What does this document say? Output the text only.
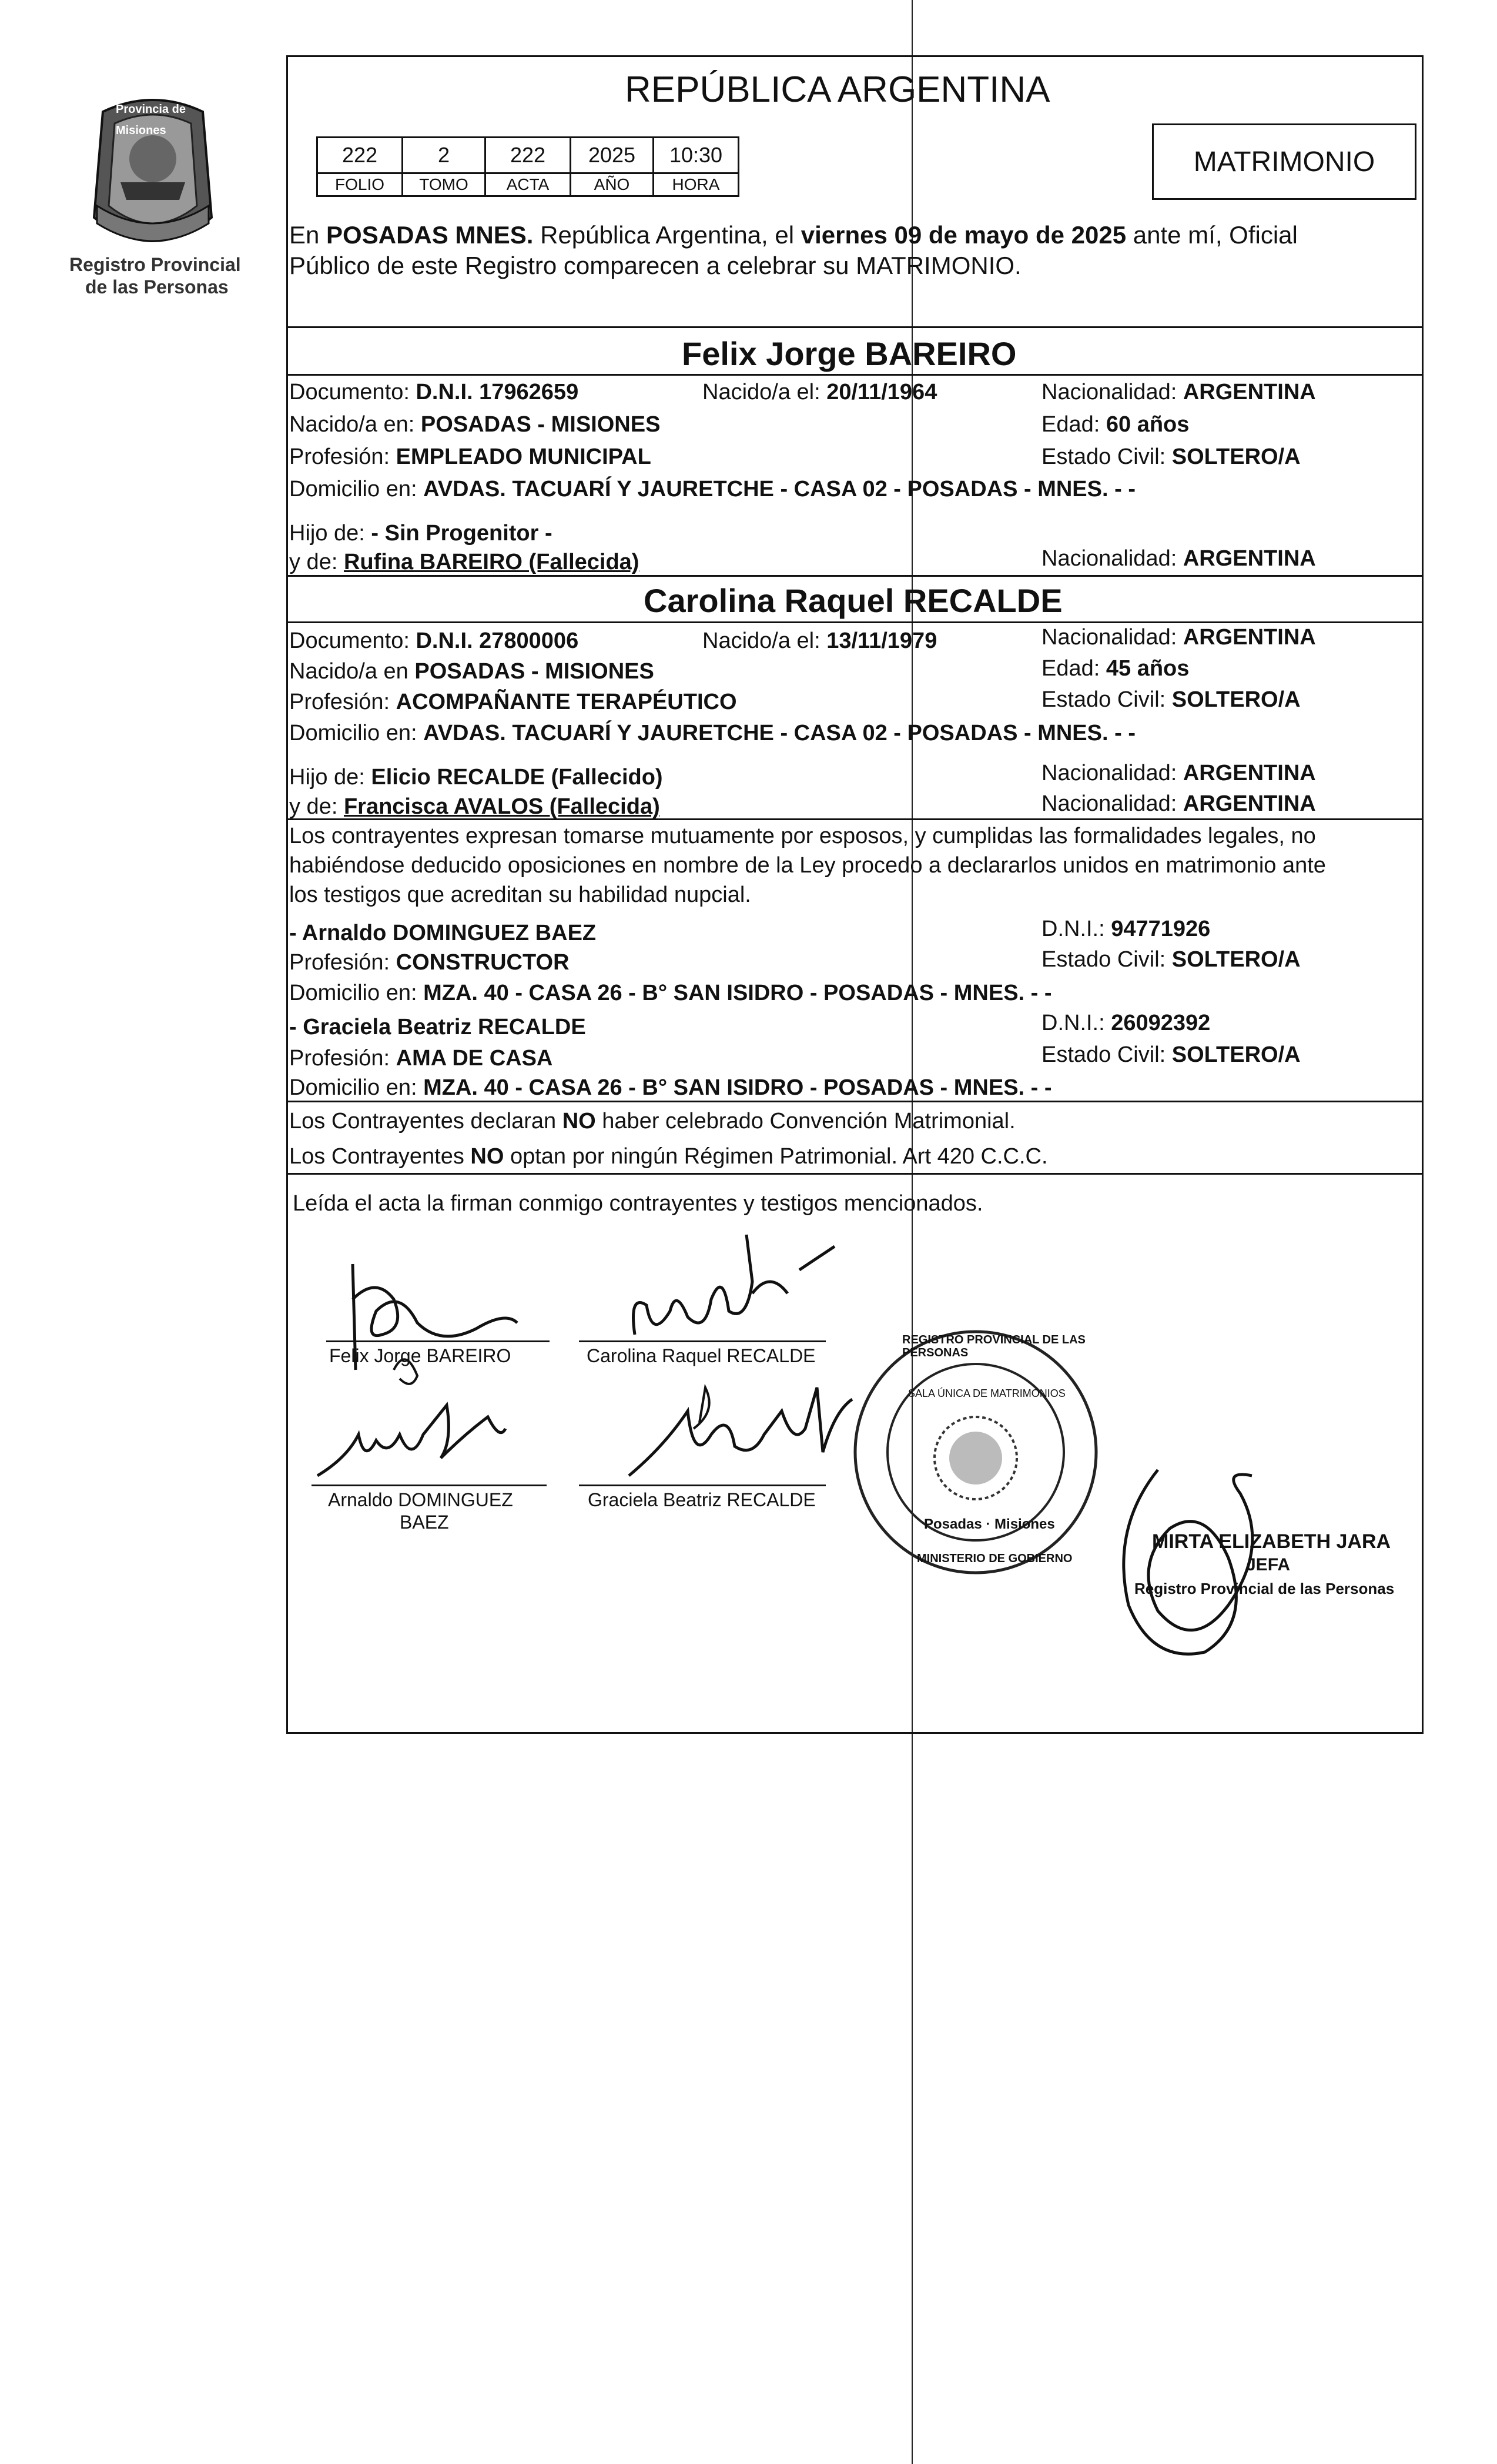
Provincia de Misiones
Registro Provincial
de las Personas
REPÚBLICA ARGENTINA
222	2	222	2025	10:30
FOLIO	TOMO	ACTA	AÑO	HORA
MATRIMONIO
En POSADAS MNES. República Argentina, el viernes 09 de mayo de 2025 ante mí, Oficial
Público de este Registro comparecen a celebrar su MATRIMONIO.
Felix Jorge BAREIRO
Documento: D.N.I. 17962659	Nacido/a el: 20/11/1964	Nacionalidad: ARGENTINA
Nacido/a en: POSADAS - MISIONES	Edad: 60 años
Profesión: EMPLEADO MUNICIPAL	Estado Civil: SOLTERO/A
Domicilio en: AVDAS. TACUARÍ Y JAURETCHE - CASA 02 - POSADAS - MNES. - -
Hijo de: - Sin Progenitor -
y de: Rufina BAREIRO (Fallecida)	Nacionalidad: ARGENTINA
Carolina Raquel RECALDE
Documento: D.N.I. 27800006	Nacido/a el: 13/11/1979	Nacionalidad: ARGENTINA
Nacido/a en POSADAS - MISIONES	Edad: 45 años
Profesión: ACOMPAÑANTE TERAPÉUTICO	Estado Civil: SOLTERO/A
Domicilio en: AVDAS. TACUARÍ Y JAURETCHE - CASA 02 - POSADAS - MNES. - -
Hijo de: Elicio RECALDE (Fallecido)	Nacionalidad: ARGENTINA
y de: Francisca AVALOS (Fallecida)	Nacionalidad: ARGENTINA
Los contrayentes expresan tomarse mutuamente por esposos, y cumplidas las formalidades legales, no
habiéndose deducido oposiciones en nombre de la Ley procedo a declararlos unidos en matrimonio ante
los testigos que acreditan su habilidad nupcial.
- Arnaldo DOMINGUEZ BAEZ	D.N.I.: 94771926
Profesión: CONSTRUCTOR	Estado Civil: SOLTERO/A
Domicilio en: MZA. 40 - CASA 26 - B° SAN ISIDRO - POSADAS - MNES. - -
- Graciela Beatriz RECALDE	D.N.I.: 26092392
Profesión: AMA DE CASA	Estado Civil: SOLTERO/A
Domicilio en: MZA. 40 - CASA 26 - B° SAN ISIDRO - POSADAS - MNES. - -
Los Contrayentes declaran NO haber celebrado Convención Matrimonial.
Los Contrayentes NO optan por ningún Régimen Patrimonial. Art 420 C.C.C.
Leída el acta la firman conmigo contrayentes y testigos mencionados.
Felix Jorge BAREIRO	Carolina Raquel RECALDE
Arnaldo DOMINGUEZ
BAEZ
Graciela Beatriz RECALDE
REGISTRO PROVINCIAL DE LAS PERSONAS
SALA ÚNICA DE MATRIMONIOS
Posadas · Misiones
MINISTERIO DE GOBIERNO
MIRTA ELIZABETH JARA
JEFA
Registro Provincial de las Personas
